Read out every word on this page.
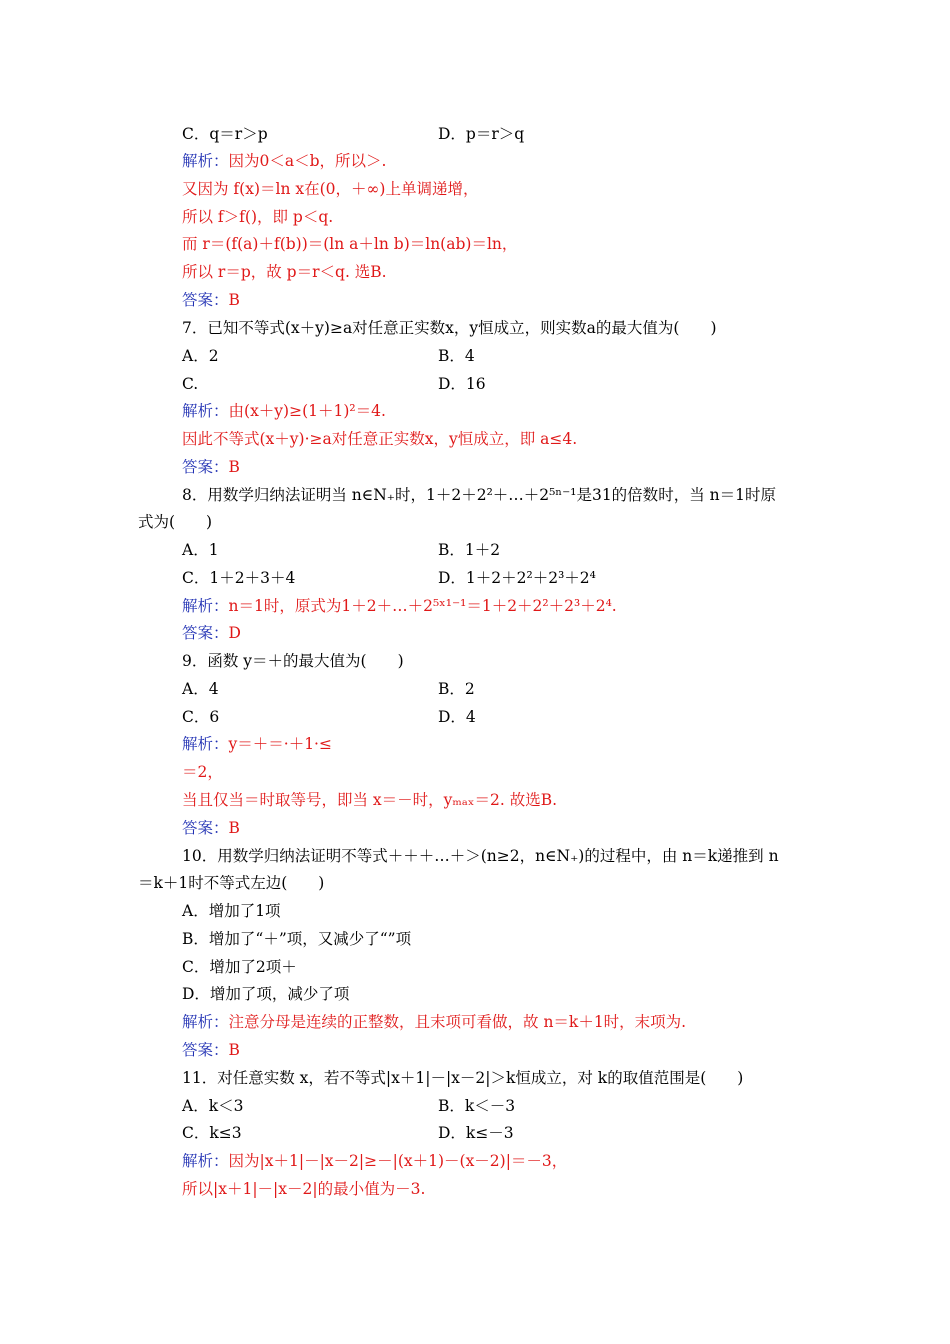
C．q＝r＞p	D．p＝r＞q
解析：因为0＜a＜b，所以＞.
又因为 f(x)＝ln x在(0，＋∞)上单调递增，
所以 f＞f()，即 p＜q.
而 r＝(f(a)＋f(b))＝(ln a＋ln b)＝ln(ab)＝ln，
所以 r＝p，故 p＝r＜q. 选B.
答案：B
7．已知不等式(x＋y)≥a对任意正实数x，y恒成立，则实数a的最大值为(　　)
A．2	B．4
C.	D．16
解析：由(x＋y)≥(1＋1)²＝4.
因此不等式(x＋y)·≥a对任意正实数x，y恒成立，即 a≤4.
答案：B
8．用数学归纳法证明当 n∈N₊时，1＋2＋2²＋…＋2⁵ⁿ⁻¹是31的倍数时，当 n＝1时原
式为(　　)
A．1	B．1＋2
C．1＋2＋3＋4	D．1＋2＋2²＋2³＋2⁴
解析：n＝1时，原式为1＋2＋…＋2⁵ˣ¹⁻¹＝1＋2＋2²＋2³＋2⁴.
答案：D
9．函数 y＝＋的最大值为(　　)
A．4	B．2
C．6	D．4
解析：y＝＋＝·＋1·≤
＝2，
当且仅当＝时取等号，即当 x＝－时，yₘₐₓ＝2. 故选B.
答案：B
10．用数学归纳法证明不等式＋＋＋…＋＞(n≥2，n∈N₊)的过程中，由 n＝k递推到 n
＝k＋1时不等式左边(　　)
A．增加了1项
B．增加了“＋”项，又减少了“”项
C．增加了2项＋
D．增加了项，减少了项
解析：注意分母是连续的正整数，且末项可看做，故 n＝k＋1时，末项为.
答案：B
11．对任意实数 x，若不等式|x＋1|－|x－2|＞k恒成立，对 k的取值范围是(　　)
A．k＜3	B．k＜－3
C．k≤3	D．k≤－3
解析：因为|x＋1|－|x－2|≥－|(x＋1)－(x－2)|＝－3，
所以|x＋1|－|x－2|的最小值为－3.
